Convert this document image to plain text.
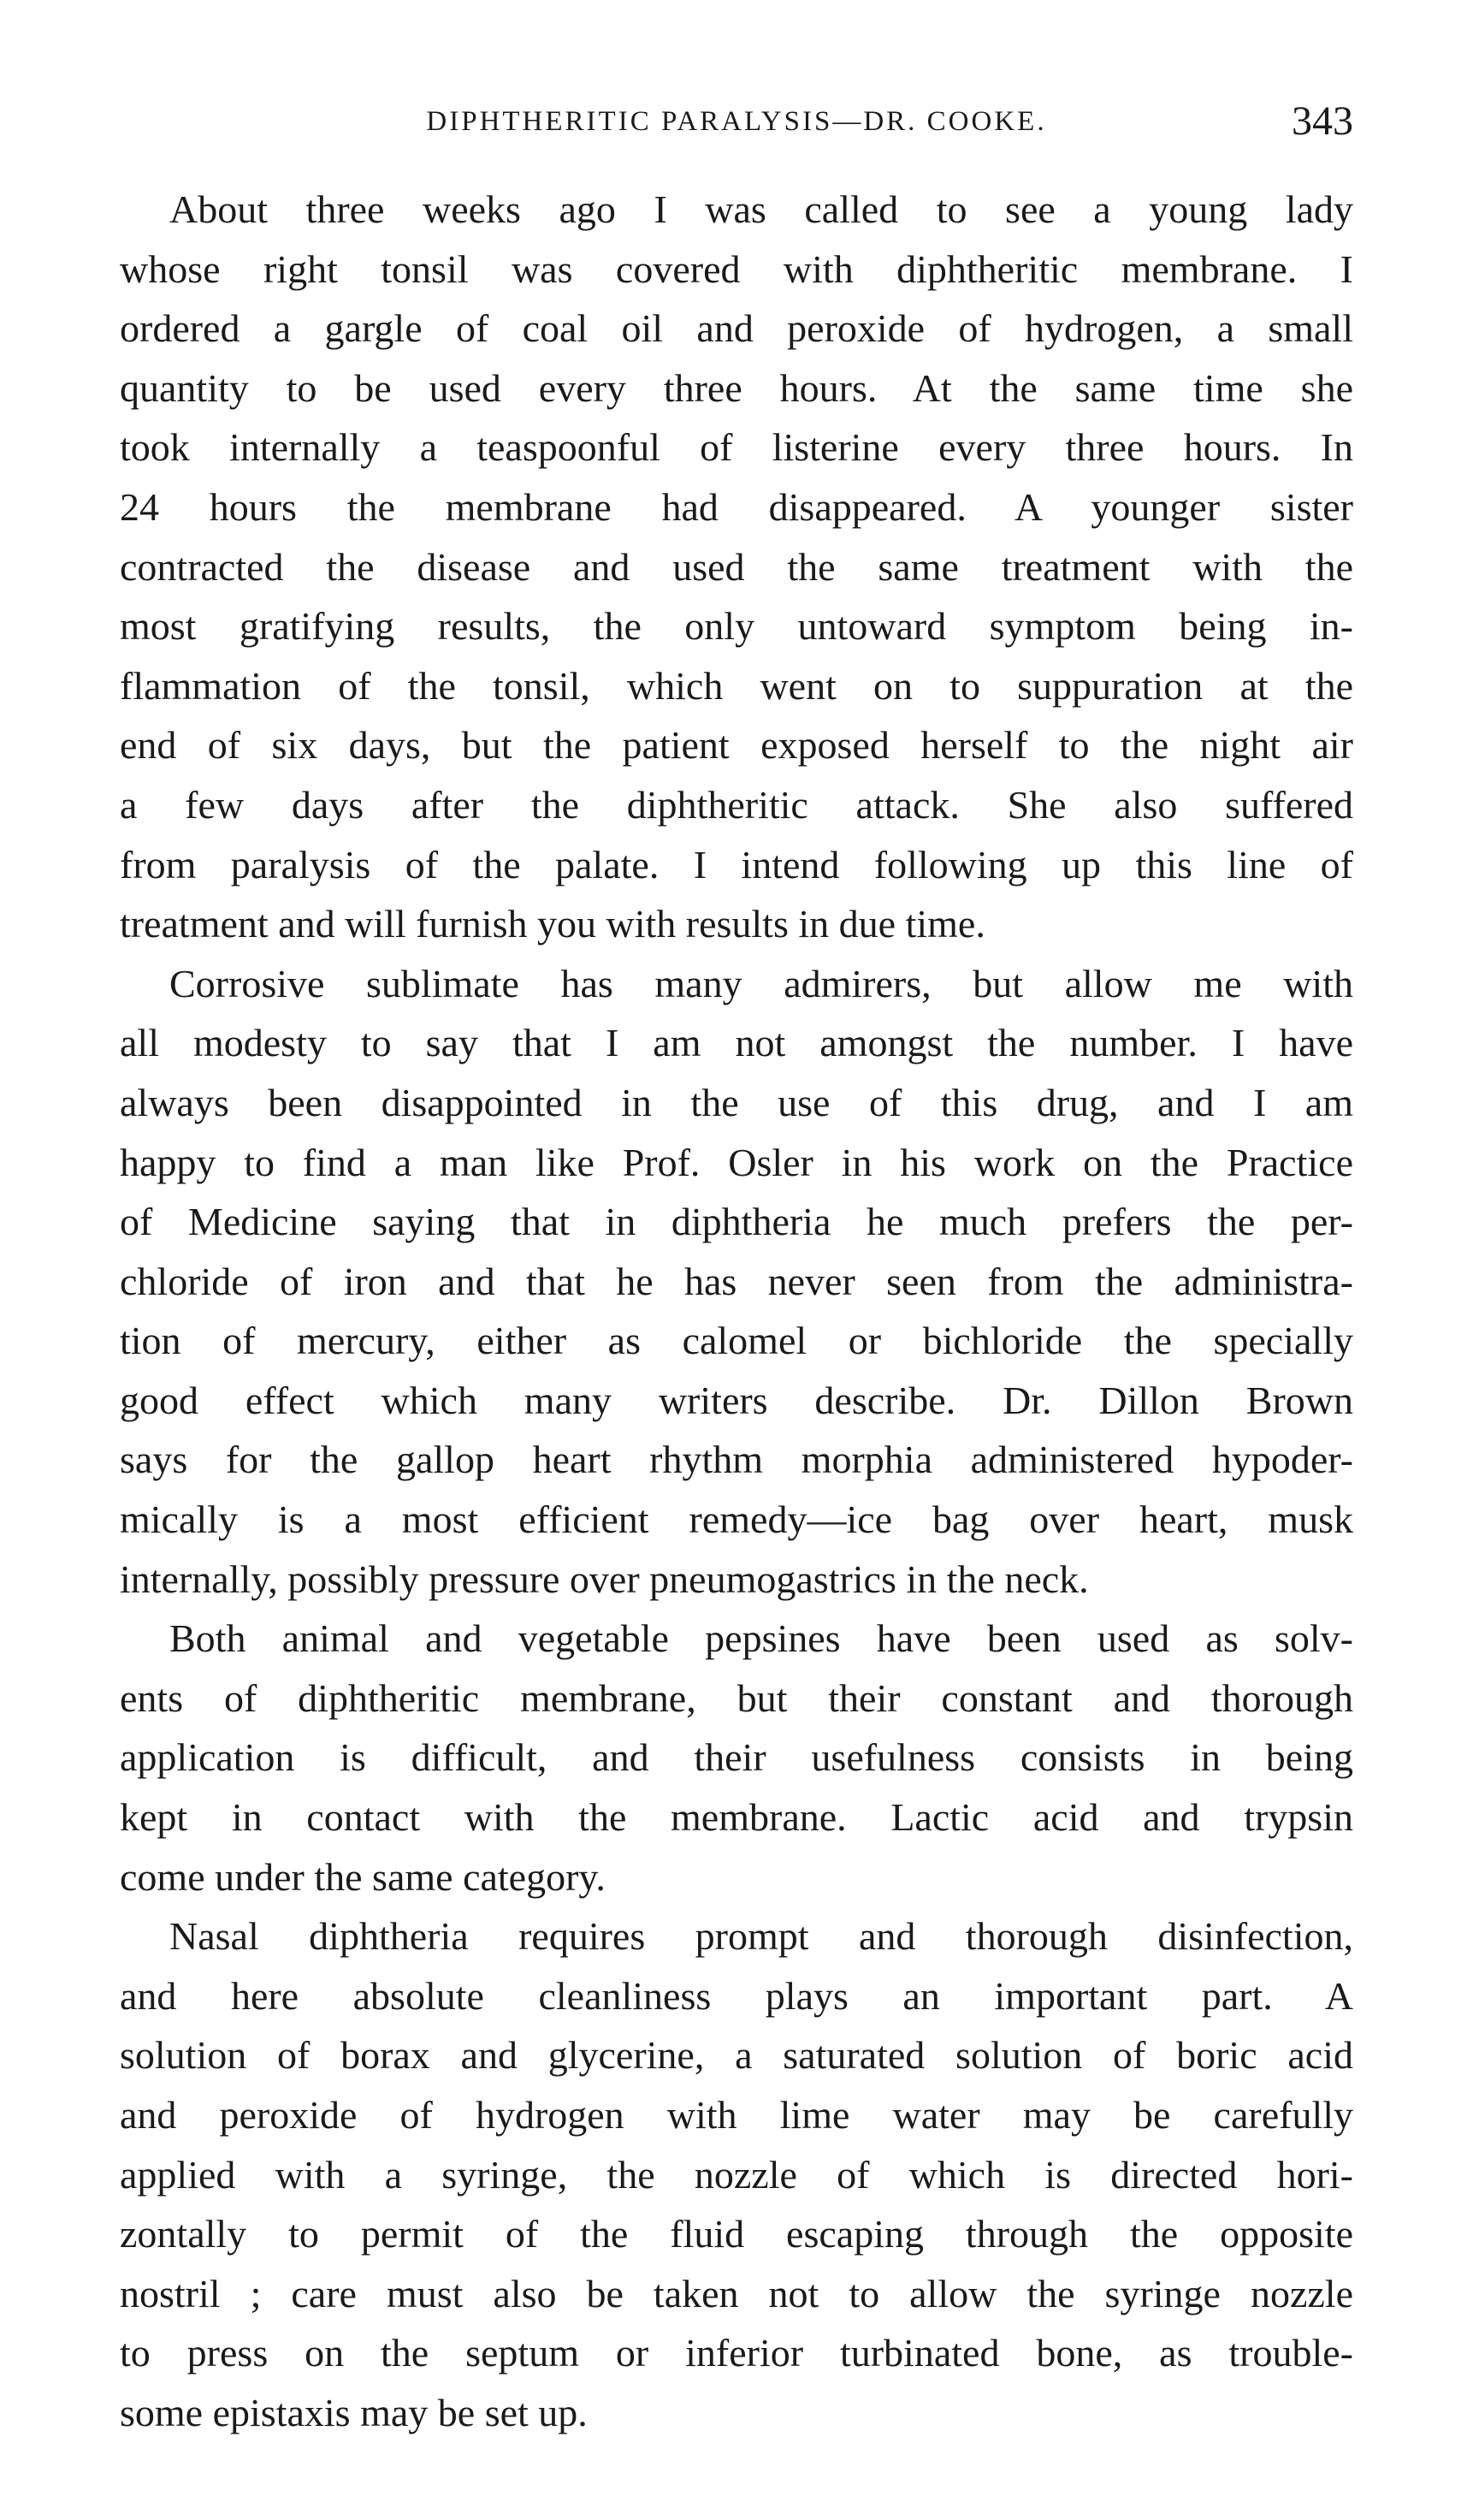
DIPHTHERITIC PARALYSIS—DR. COOKE.	343

About three weeks ago I was called to see a young lady
whose right tonsil was covered with diphtheritic membrane. I
ordered a gargle of coal oil and peroxide of hydrogen, a small
quantity to be used every three hours. At the same time she
took internally a teaspoonful of listerine every three hours. In
24 hours the membrane had disappeared. A younger sister
contracted the disease and used the same treatment with the
most gratifying results, the only untoward symptom being in-
flammation of the tonsil, which went on to suppuration at the
end of six days, but the patient exposed herself to the night air
a few days after the diphtheritic attack. She also suffered
from paralysis of the palate. I intend following up this line of
treatment and will furnish you with results in due time.

Corrosive sublimate has many admirers, but allow me with
all modesty to say that I am not amongst the number. I have
always been disappointed in the use of this drug, and I am
happy to find a man like Prof. Osler in his work on the Practice
of Medicine saying that in diphtheria he much prefers the per-
chloride of iron and that he has never seen from the administra-
tion of mercury, either as calomel or bichloride the specially
good effect which many writers describe. Dr. Dillon Brown
says for the gallop heart rhythm morphia administered hypoder-
mically is a most efficient remedy—ice bag over heart, musk
internally, possibly pressure over pneumogastrics in the neck.

Both animal and vegetable pepsines have been used as solv-
ents of diphtheritic membrane, but their constant and thorough
application is difficult, and their usefulness consists in being
kept in contact with the membrane. Lactic acid and trypsin
come under the same category.

Nasal diphtheria requires prompt and thorough disinfection,
and here absolute cleanliness plays an important part. A
solution of borax and glycerine, a saturated solution of boric acid
and peroxide of hydrogen with lime water may be carefully
applied with a syringe, the nozzle of which is directed hori-
zontally to permit of the fluid escaping through the opposite
nostril ; care must also be taken not to allow the syringe nozzle
to press on the septum or inferior turbinated bone, as trouble-
some epistaxis may be set up.
